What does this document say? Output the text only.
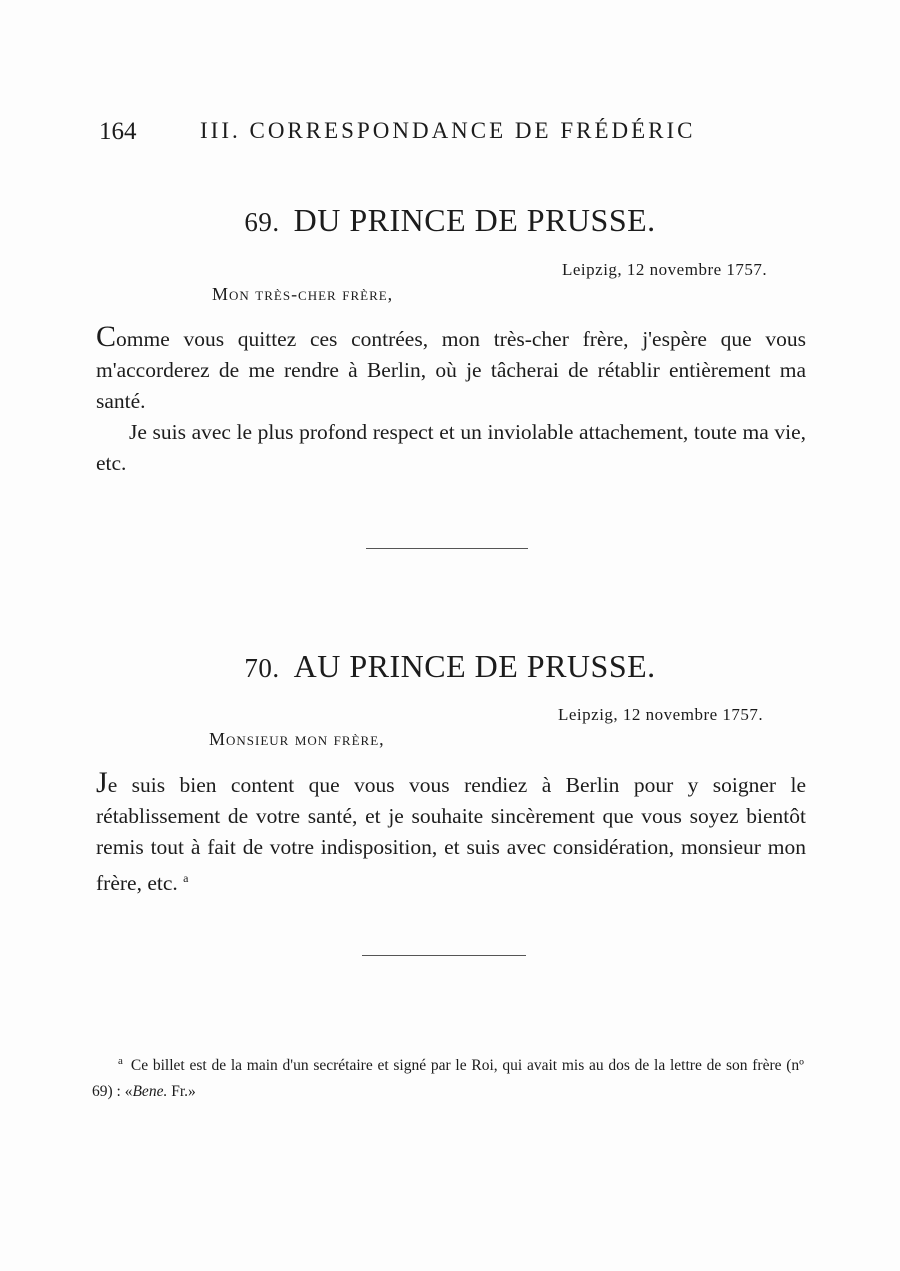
164	III. CORRESPONDANCE DE FRÉDÉRIC
69. DU PRINCE DE PRUSSE.
Leipzig, 12 novembre 1757.
Mon très-cher frère,

Comme vous quittez ces contrées, mon très-cher frère, j'espère que vous m'accorderez de me rendre à Berlin, où je tâcherai de rétablir entièrement ma santé.

Je suis avec le plus profond respect et un inviolable attachement, toute ma vie, etc.

70. AU PRINCE DE PRUSSE.
Leipzig, 12 novembre 1757.
Monsieur mon frère,

Je suis bien content que vous vous rendiez à Berlin pour y soigner le rétablissement de votre santé, et je souhaite sincèrement que vous soyez bientôt remis tout à fait de votre indisposition, et suis avec considération, monsieur mon frère, etc. $^a$

$^a$ Ce billet est de la main d'un secrétaire et signé par le Roi, qui avait mis au dos de la lettre de son frère (nº 69) : «Bene. Fr.»
